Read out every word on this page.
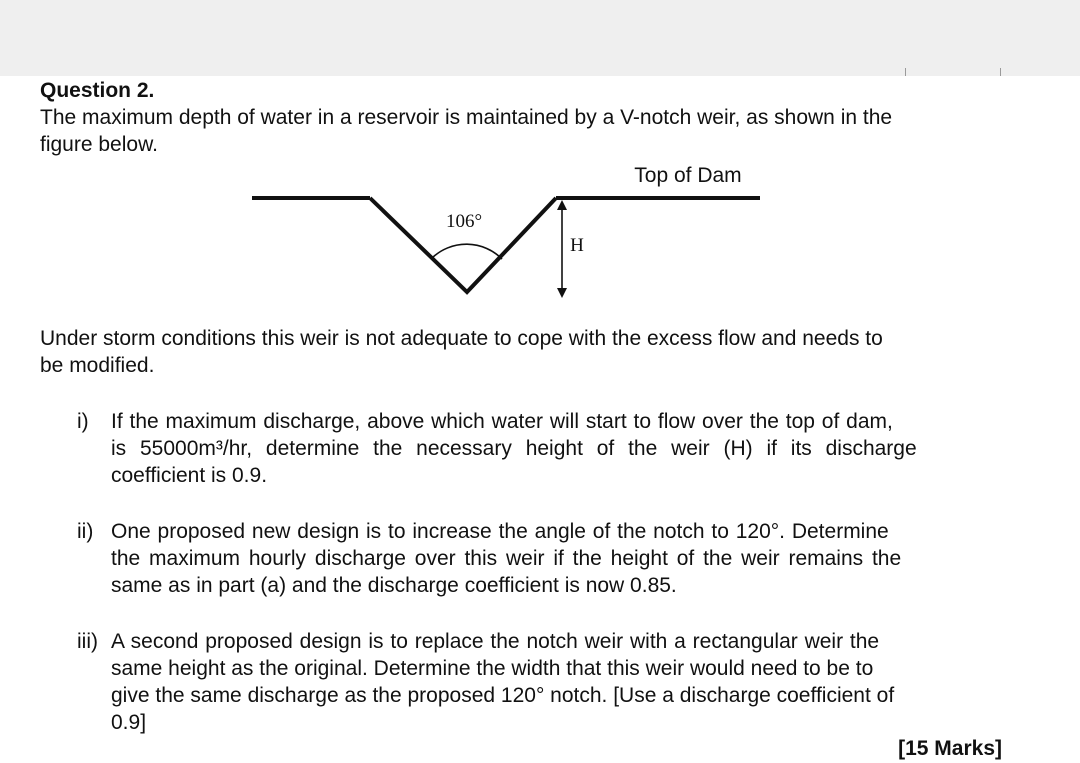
Question 2.
The maximum depth of water in a reservoir is maintained by a V-notch weir, as shown in the
figure below.
Top of Dam
106°
H
Under storm conditions this weir is not adequate to cope with the excess flow and needs to
be modified.
i) If the maximum discharge, above which water will start to flow over the top of dam,
is 55000m³/hr, determine the necessary height of the weir (H) if its discharge
coefficient is 0.9.
ii) One proposed new design is to increase the angle of the notch to 120°. Determine
the maximum hourly discharge over this weir if the height of the weir remains the
same as in part (a) and the discharge coefficient is now 0.85.
iii) A second proposed design is to replace the notch weir with a rectangular weir the
same height as the original. Determine the width that this weir would need to be to
give the same discharge as the proposed 120° notch. [Use a discharge coefficient of
0.9]
[15 Marks]
